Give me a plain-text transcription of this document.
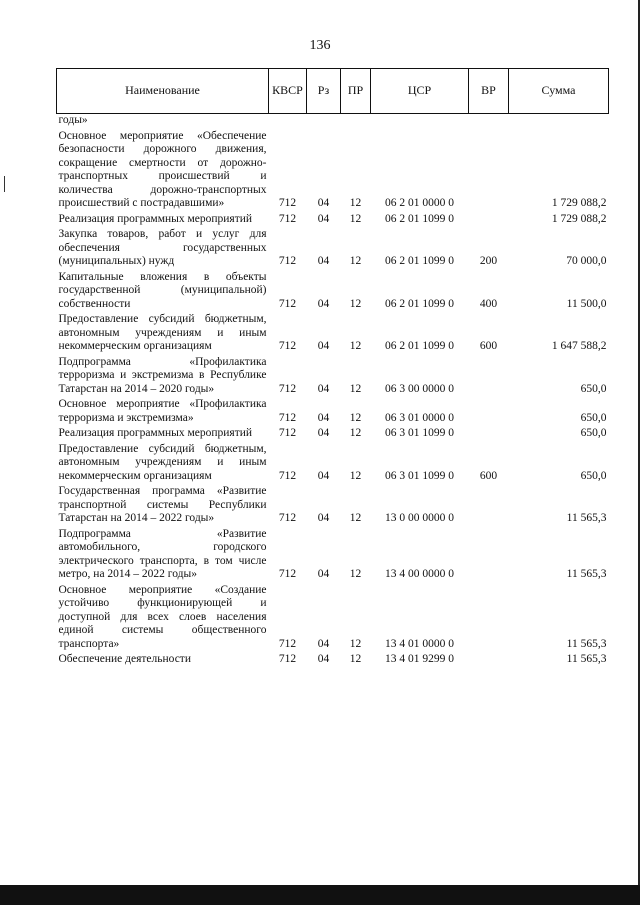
136
Наименование	КВСР	Рз	ПР	ЦСР	ВР	Сумма
годы»						
Основное мероприятие «Обеспечение безопасности дорожного движения, сокращение смертности от дорожно-транспортных происшествий и количества дорожно-транспортных происшествий с пострадавшими»	712	04	12	06 2 01 0000 0		1 729 088,2
Реализация программных мероприятий	712	04	12	06 2 01 1099 0		1 729 088,2
Закупка товаров, работ и услуг для обеспечения государственных (муниципальных) нужд	712	04	12	06 2 01 1099 0	200	70 000,0
Капитальные вложения в объекты государственной (муниципальной) собственности	712	04	12	06 2 01 1099 0	400	11 500,0
Предоставление субсидий бюджетным, автономным учреждениям и иным некоммерческим организациям	712	04	12	06 2 01 1099 0	600	1 647 588,2
Подпрограмма «Профилактика терроризма и экстремизма в Республике Татарстан на 2014 – 2020 годы»	712	04	12	06 3 00 0000 0		650,0
Основное мероприятие «Профилактика терроризма и экстремизма»	712	04	12	06 3 01 0000 0		650,0
Реализация программных мероприятий	712	04	12	06 3 01 1099 0		650,0
Предоставление субсидий бюджетным, автономным учреждениям и иным некоммерческим организациям	712	04	12	06 3 01 1099 0	600	650,0
Государственная программа «Развитие транспортной системы Республики Татарстан на 2014 – 2022 годы»	712	04	12	13 0 00 0000 0		11 565,3
Подпрограмма «Развитие автомобильного, городского электрического транспорта, в том числе метро, на 2014 – 2022 годы»	712	04	12	13 4 00 0000 0		11 565,3
Основное мероприятие «Создание устойчиво функционирующей и доступной для всех слоев населения единой системы общественного транспорта»	712	04	12	13 4 01 0000 0		11 565,3
Обеспечение деятельности	712	04	12	13 4 01 9299 0		11 565,3
